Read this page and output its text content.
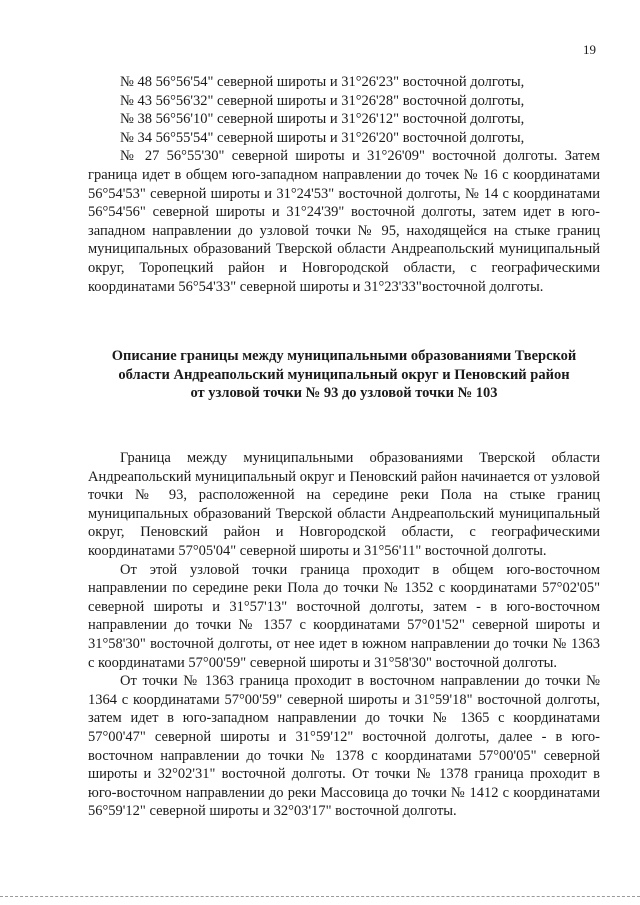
19
№ 48 56°56'54" северной широты и 31°26'23" восточной долготы,
№ 43 56°56'32" северной широты и 31°26'28" восточной долготы,
№ 38 56°56'10" северной широты и 31°26'12" восточной долготы,
№ 34 56°55'54" северной широты и 31°26'20" восточной долготы,

№ 27 56°55'30" северной широты и 31°26'09" восточной долготы. Затем граница идет в общем юго-западном направлении до точек № 16 с координатами 56°54'53" северной широты и 31°24'53" восточной долготы, № 14 с координатами 56°54'56" северной широты и 31°24'39" восточной долготы, затем идет в юго-западном направлении до узловой точки № 95, находящейся на стыке границ муниципальных образований Тверской области Андреапольский муниципальный округ, Торопецкий район и Новгородской области, с географическими координатами 56°54'33" северной широты и 31°23'33"восточной долготы.

Описание границы между муниципальными образованиями Тверской
области Андреапольский муниципальный округ и Пеновский район
от узловой точки № 93 до узловой точки № 103

Граница между муниципальными образованиями Тверской области Андреапольский муниципальный округ и Пеновский район начинается от узловой точки № 93, расположенной на середине реки Пола на стыке границ муниципальных образований Тверской области Андреапольский муниципальный округ, Пеновский район и Новгородской области, с географическими координатами 57°05'04" северной широты и 31°56'11" восточной долготы.

От этой узловой точки граница проходит в общем юго-восточном направлении по середине реки Пола до точки № 1352 с координатами 57°02'05" северной широты и 31°57'13" восточной долготы, затем - в юго-восточном направлении до точки № 1357 с координатами 57°01'52" северной широты и 31°58'30" восточной долготы, от нее идет в южном направлении до точки № 1363 с координатами 57°00'59" северной широты и 31°58'30" восточной долготы.

От точки № 1363 граница проходит в восточном направлении до точки № 1364 с координатами 57°00'59" северной широты и 31°59'18" восточной долготы, затем идет в юго-западном направлении до точки № 1365 с координатами 57°00'47" северной широты и 31°59'12" восточной долготы, далее - в юго-восточном направлении до точки № 1378 с координатами 57°00'05" северной широты и 32°02'31" восточной долготы. От точки № 1378 граница проходит в юго-восточном направлении до реки Массовица до точки № 1412 с координатами 56°59'12" северной широты и 32°03'17" восточной долготы.
